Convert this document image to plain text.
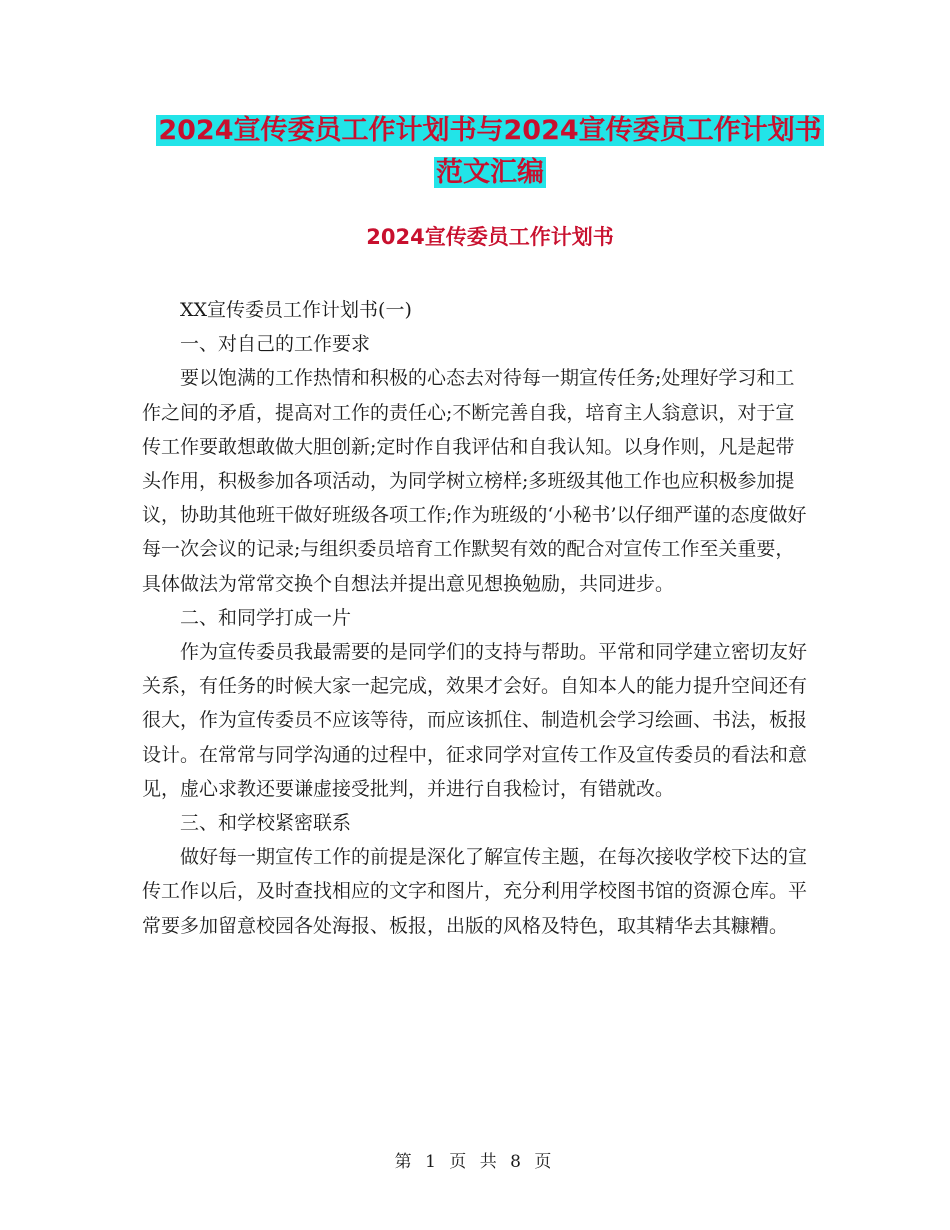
2024宣传委员工作计划书与2024宣传委员工作计划书
范文汇编
2024宣传委员工作计划书

XX宣传委员工作计划书(一)

一、对自己的工作要求

要以饱满的工作热情和积极的心态去对待每一期宣传任务;处理好学习和工作之间的矛盾，提高对工作的责任心;不断完善自我，培育主人翁意识，对于宣传工作要敢想敢做大胆创新;定时作自我评估和自我认知。以身作则，凡是起带头作用，积极参加各项活动，为同学树立榜样;多班级其他工作也应积极参加提议，协助其他班干做好班级各项工作;作为班级的‘小秘书’以仔细严谨的态度做好每一次会议的记录;与组织委员培育工作默契有效的配合对宣传工作至关重要，具体做法为常常交换个自想法并提出意见想换勉励，共同进步。

二、和同学打成一片

作为宣传委员我最需要的是同学们的支持与帮助。平常和同学建立密切友好关系，有任务的时候大家一起完成，效果才会好。自知本人的能力提升空间还有很大，作为宣传委员不应该等待，而应该抓住、制造机会学习绘画、书法，板报设计。在常常与同学沟通的过程中，征求同学对宣传工作及宣传委员的看法和意见，虚心求教还要谦虚接受批判，并进行自我检讨，有错就改。

三、和学校紧密联系

做好每一期宣传工作的前提是深化了解宣传主题，在每次接收学校下达的宣传工作以后，及时查找相应的文字和图片，充分利用学校图书馆的资源仓库。平常要多加留意校园各处海报、板报，出版的风格及特色，取其精华去其糠糟。

第 1 页 共 8 页
